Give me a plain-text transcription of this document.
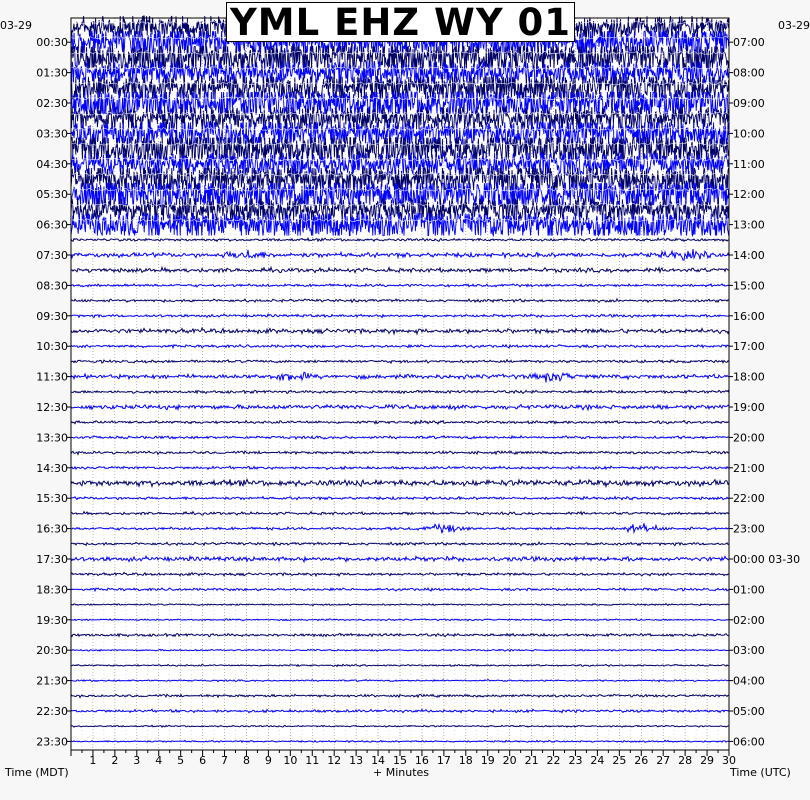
1 2 3 4 5 6 7 8 9 10 11 12 13 14 15 16 17 18 19 20 21 22 23 24 25 26 27 28 29 30
00:30
01:30
02:30
03:30
04:30
05:30
06:30
07:30
08:30
09:30
10:30
11:30
12:30
13:30
14:30
15:30
16:30
17:30
18:30
19:30
20:30
21:30
22:30
23:30
07:00
08:00
09:00
10:00
11:00
12:00
13:00
14:00
15:00
16:00
17:00
18:00
19:00
20:00
21:00
22:00
23:00
00:00 03-30
01:00
02:00
03:00
04:00
05:00
06:00
YML EHZ WY 01
03-29	03-29
Time (MDT)	+ Minutes	Time (UTC)
